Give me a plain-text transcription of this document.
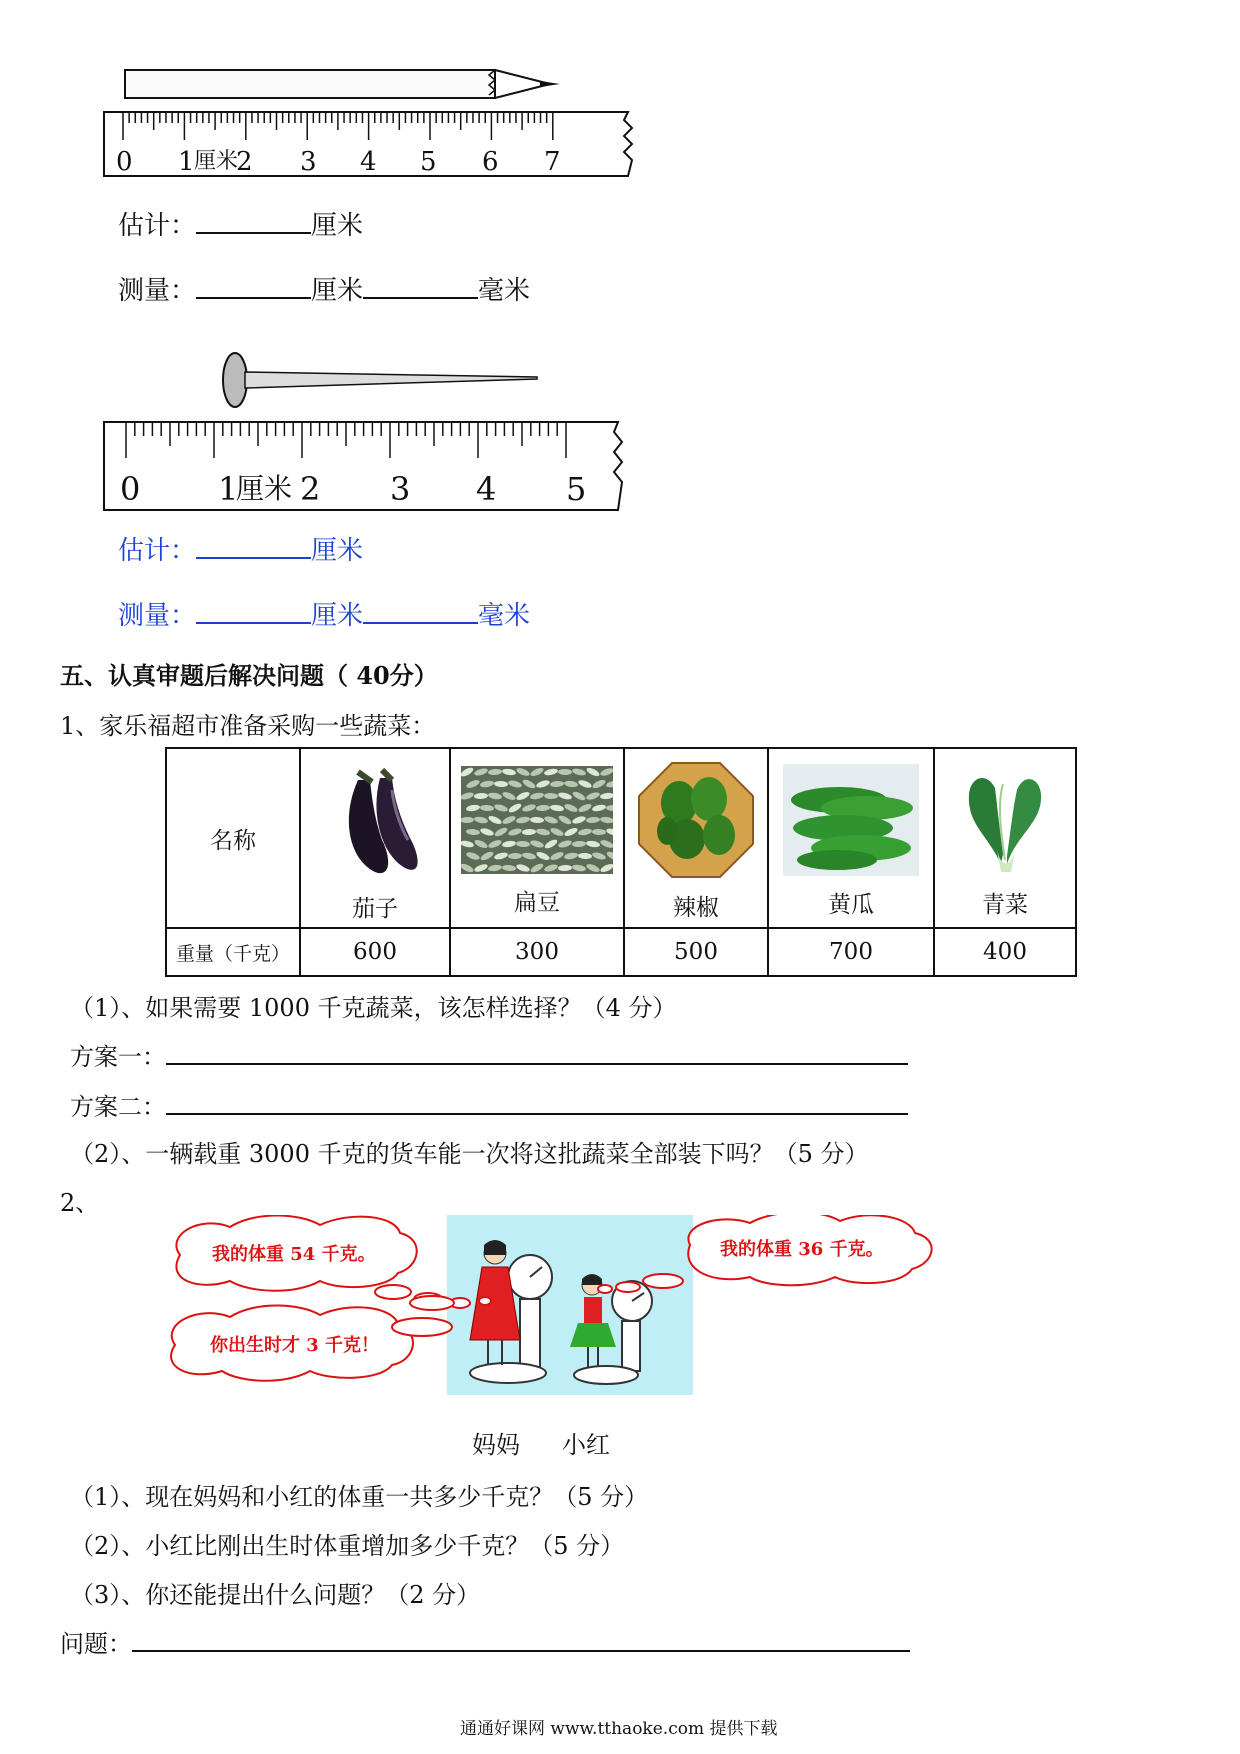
0 1 厘米
2 3 4 5 6 7
估计：	厘米
测量：	厘米	毫米
0 1
厘米 2 3 4 5
估计：	厘米
测量：	厘米	毫米
五、认真审题后解决问题（ 40分）
1、家乐福超市准备采购一些蔬菜：
名称	茄子	扁豆	辣椒	黄瓜	青菜

重量（千克）	600	300	500	700	400
（1）、如果需要 1000 千克蔬菜，该怎样选择？（4 分）
方案一：
方案二：
（2）、一辆载重 3000 千克的货车能一次将这批蔬菜全部装下吗？（5 分）
2、
我的体重 54 千克。	我的体重 36 千克。
你出生时才 3 千克！
妈妈 小红
（1）、现在妈妈和小红的体重一共多少千克？（5 分）
（2）、小红比刚出生时体重增加多少千克？（5 分）
（3）、你还能提出什么问题？（2 分）
问题：
通通好课网 www.tthaoke.com 提供下载
